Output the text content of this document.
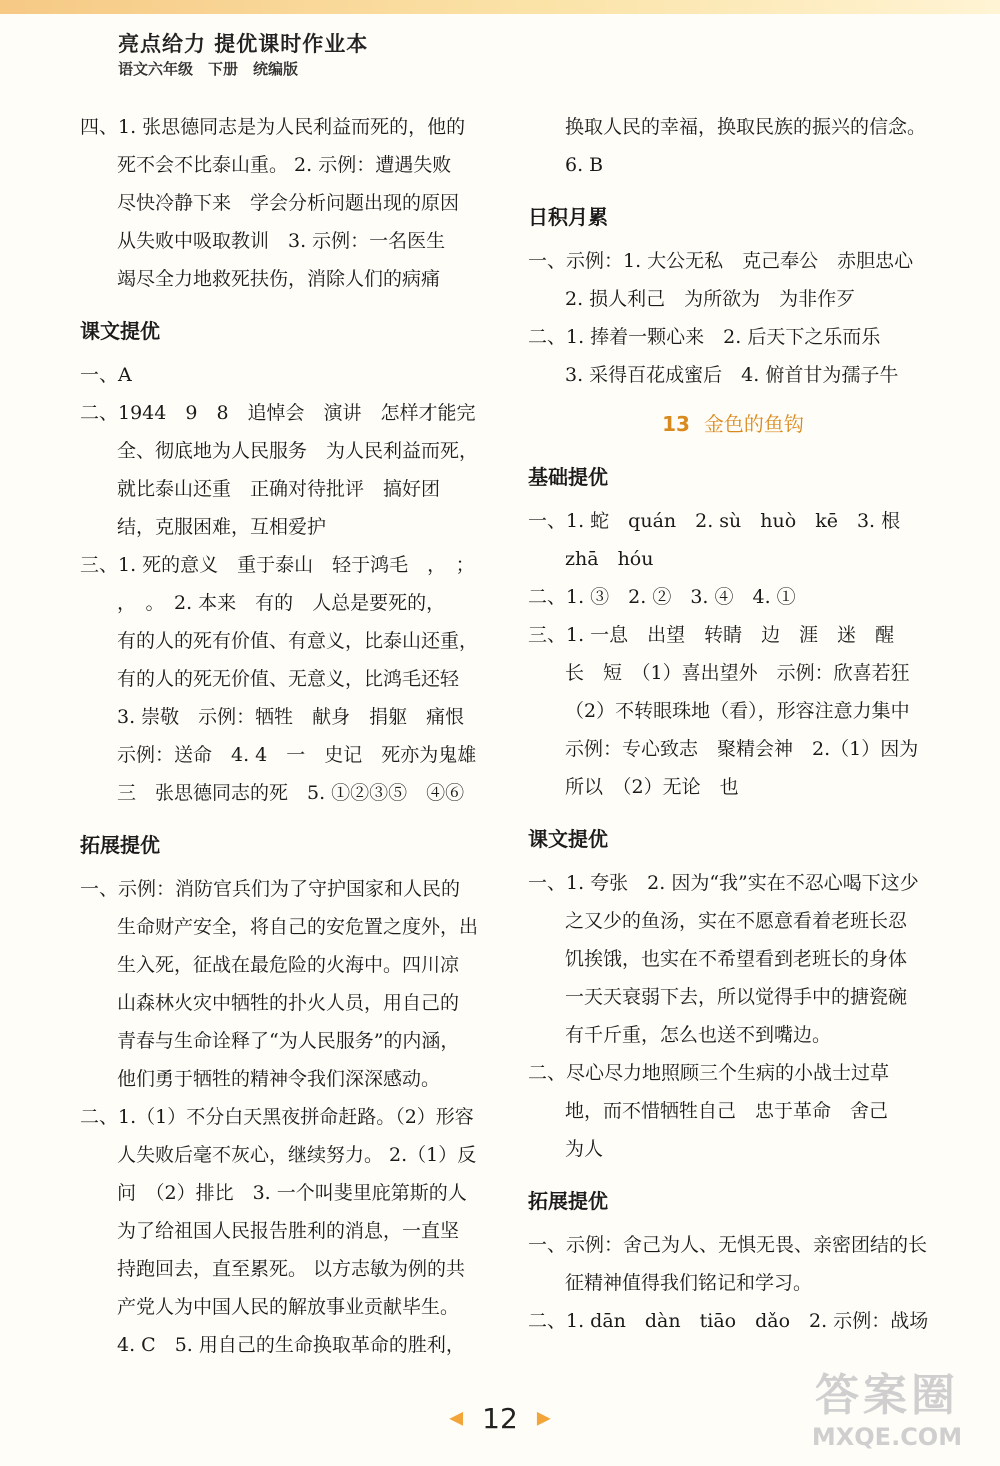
亮点给力 提优课时作业本
语文六年级　下册　统编版
四、1. 张思德同志是为人民利益而死的，他的
死不会不比泰山重。 2. 示例：遭遇失败
尽快冷静下来　学会分析问题出现的原因
从失败中吸取教训　3. 示例：一名医生
竭尽全力地救死扶伤，消除人们的病痛
课文提优
一、A
二、1944　9　8　追悼会　演讲　怎样才能完
全、彻底地为人民服务　为人民利益而死，
就比泰山还重　正确对待批评　搞好团
结，克服困难，互相爱护
三、1. 死的意义　重于泰山　轻于鸿毛　，　；
，　。　2. 本来　有的　人总是要死的，
有的人的死有价值、有意义，比泰山还重，
有的人的死无价值、无意义，比鸿毛还轻
3. 崇敬　示例：牺牲　献身　捐躯　痛恨
示例：送命　4. 4　一　史记　死亦为鬼雄
三　张思德同志的死　5. ①②③⑤　④⑥
拓展提优
一、示例：消防官兵们为了守护国家和人民的
生命财产安全，将自己的安危置之度外，出
生入死，征战在最危险的火海中。四川凉
山森林火灾中牺牲的扑火人员，用自己的
青春与生命诠释了“为人民服务”的内涵，
他们勇于牺牲的精神令我们深深感动。
二、1.（1）不分白天黑夜拼命赶路。（2）形容
人失败后毫不灰心，继续努力。 2.（1）反
问　（2）排比　3. 一个叫斐里庇第斯的人
为了给祖国人民报告胜利的消息，一直坚
持跑回去，直至累死。 以方志敏为例的共
产党人为中国人民的解放事业贡献毕生。
4. C　5. 用自己的生命换取革命的胜利，
换取人民的幸福，换取民族的振兴的信念。
6. B
日积月累
一、示例：1. 大公无私　克己奉公　赤胆忠心
2. 损人利己　为所欲为　为非作歹
二、1. 捧着一颗心来　2. 后天下之乐而乐
3. 采得百花成蜜后　4. 俯首甘为孺子牛
13 金色的鱼钩
基础提优
一、1. 蛇　quán　2. sù　huò　kē　3. 根
zhā　hóu
二、1. ③　2. ②　3. ④　4. ①
三、1. 一息　出望　转睛　边　涯　迷　醒
长　短　（1）喜出望外　示例：欣喜若狂
（2）不转眼珠地（看），形容注意力集中
示例：专心致志　聚精会神　2.（1）因为
所以　（2）无论　也
课文提优
一、1. 夸张　2. 因为“我”实在不忍心喝下这少
之又少的鱼汤，实在不愿意看着老班长忍
饥挨饿，也实在不希望看到老班长的身体
一天天衰弱下去，所以觉得手中的搪瓷碗
有千斤重，怎么也送不到嘴边。
二、尽心尽力地照顾三个生病的小战士过草
地，而不惜牺牲自己　忠于革命　舍己
为人
拓展提优
一、示例：舍己为人、无惧无畏、亲密团结的长
征精神值得我们铭记和学习。
二、1. dān　dàn　tiāo　dǎo　2. 示例：战场
◀ 12 ▶	答案圈
MXQE.COM
